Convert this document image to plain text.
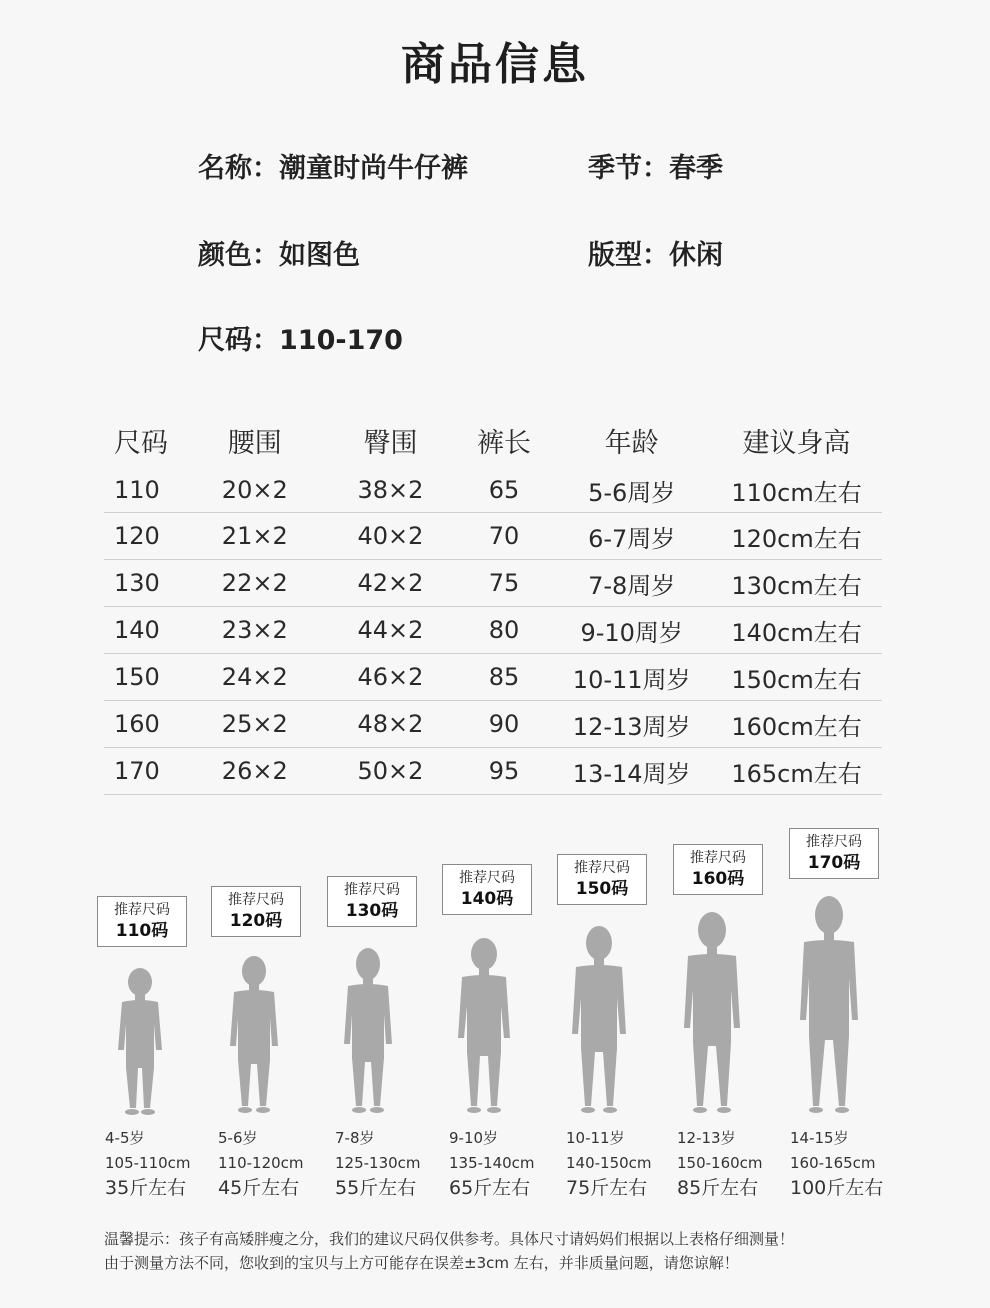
商品信息
名称：潮童时尚牛仔裤	季节：春季
颜色：如图色	版型：休闲
尺码：110-170
尺码	腰围	臀围	裤长	年龄	建议身高
110	20×2	38×2	65	5-6周岁	110cm左右
120	21×2	40×2	70	6-7周岁	120cm左右
130	22×2	42×2	75	7-8周岁	130cm左右
140	23×2	44×2	80	9-10周岁	140cm左右
150	24×2	46×2	85	10-11周岁	150cm左右
160	25×2	48×2	90	12-13周岁	160cm左右
170	26×2	50×2	95	13-14周岁	165cm左右
推荐尺码
110码
4-5岁
105-110cm
35斤左右
推荐尺码
120码
5-6岁
110-120cm
45斤左右
推荐尺码
130码
7-8岁
125-130cm
55斤左右
推荐尺码
140码
9-10岁
135-140cm
65斤左右
推荐尺码
150码
10-11岁
140-150cm
75斤左右
推荐尺码
160码
12-13岁
150-160cm
85斤左右
推荐尺码
170码
14-15岁
160-165cm
100斤左右
温馨提示：孩子有高矮胖瘦之分，我们的建议尺码仅供参考。具体尺寸请妈妈们根据以上表格仔细测量！
由于测量方法不同，您收到的宝贝与上方可能存在误差±3cm 左右，并非质量问题，请您谅解！
